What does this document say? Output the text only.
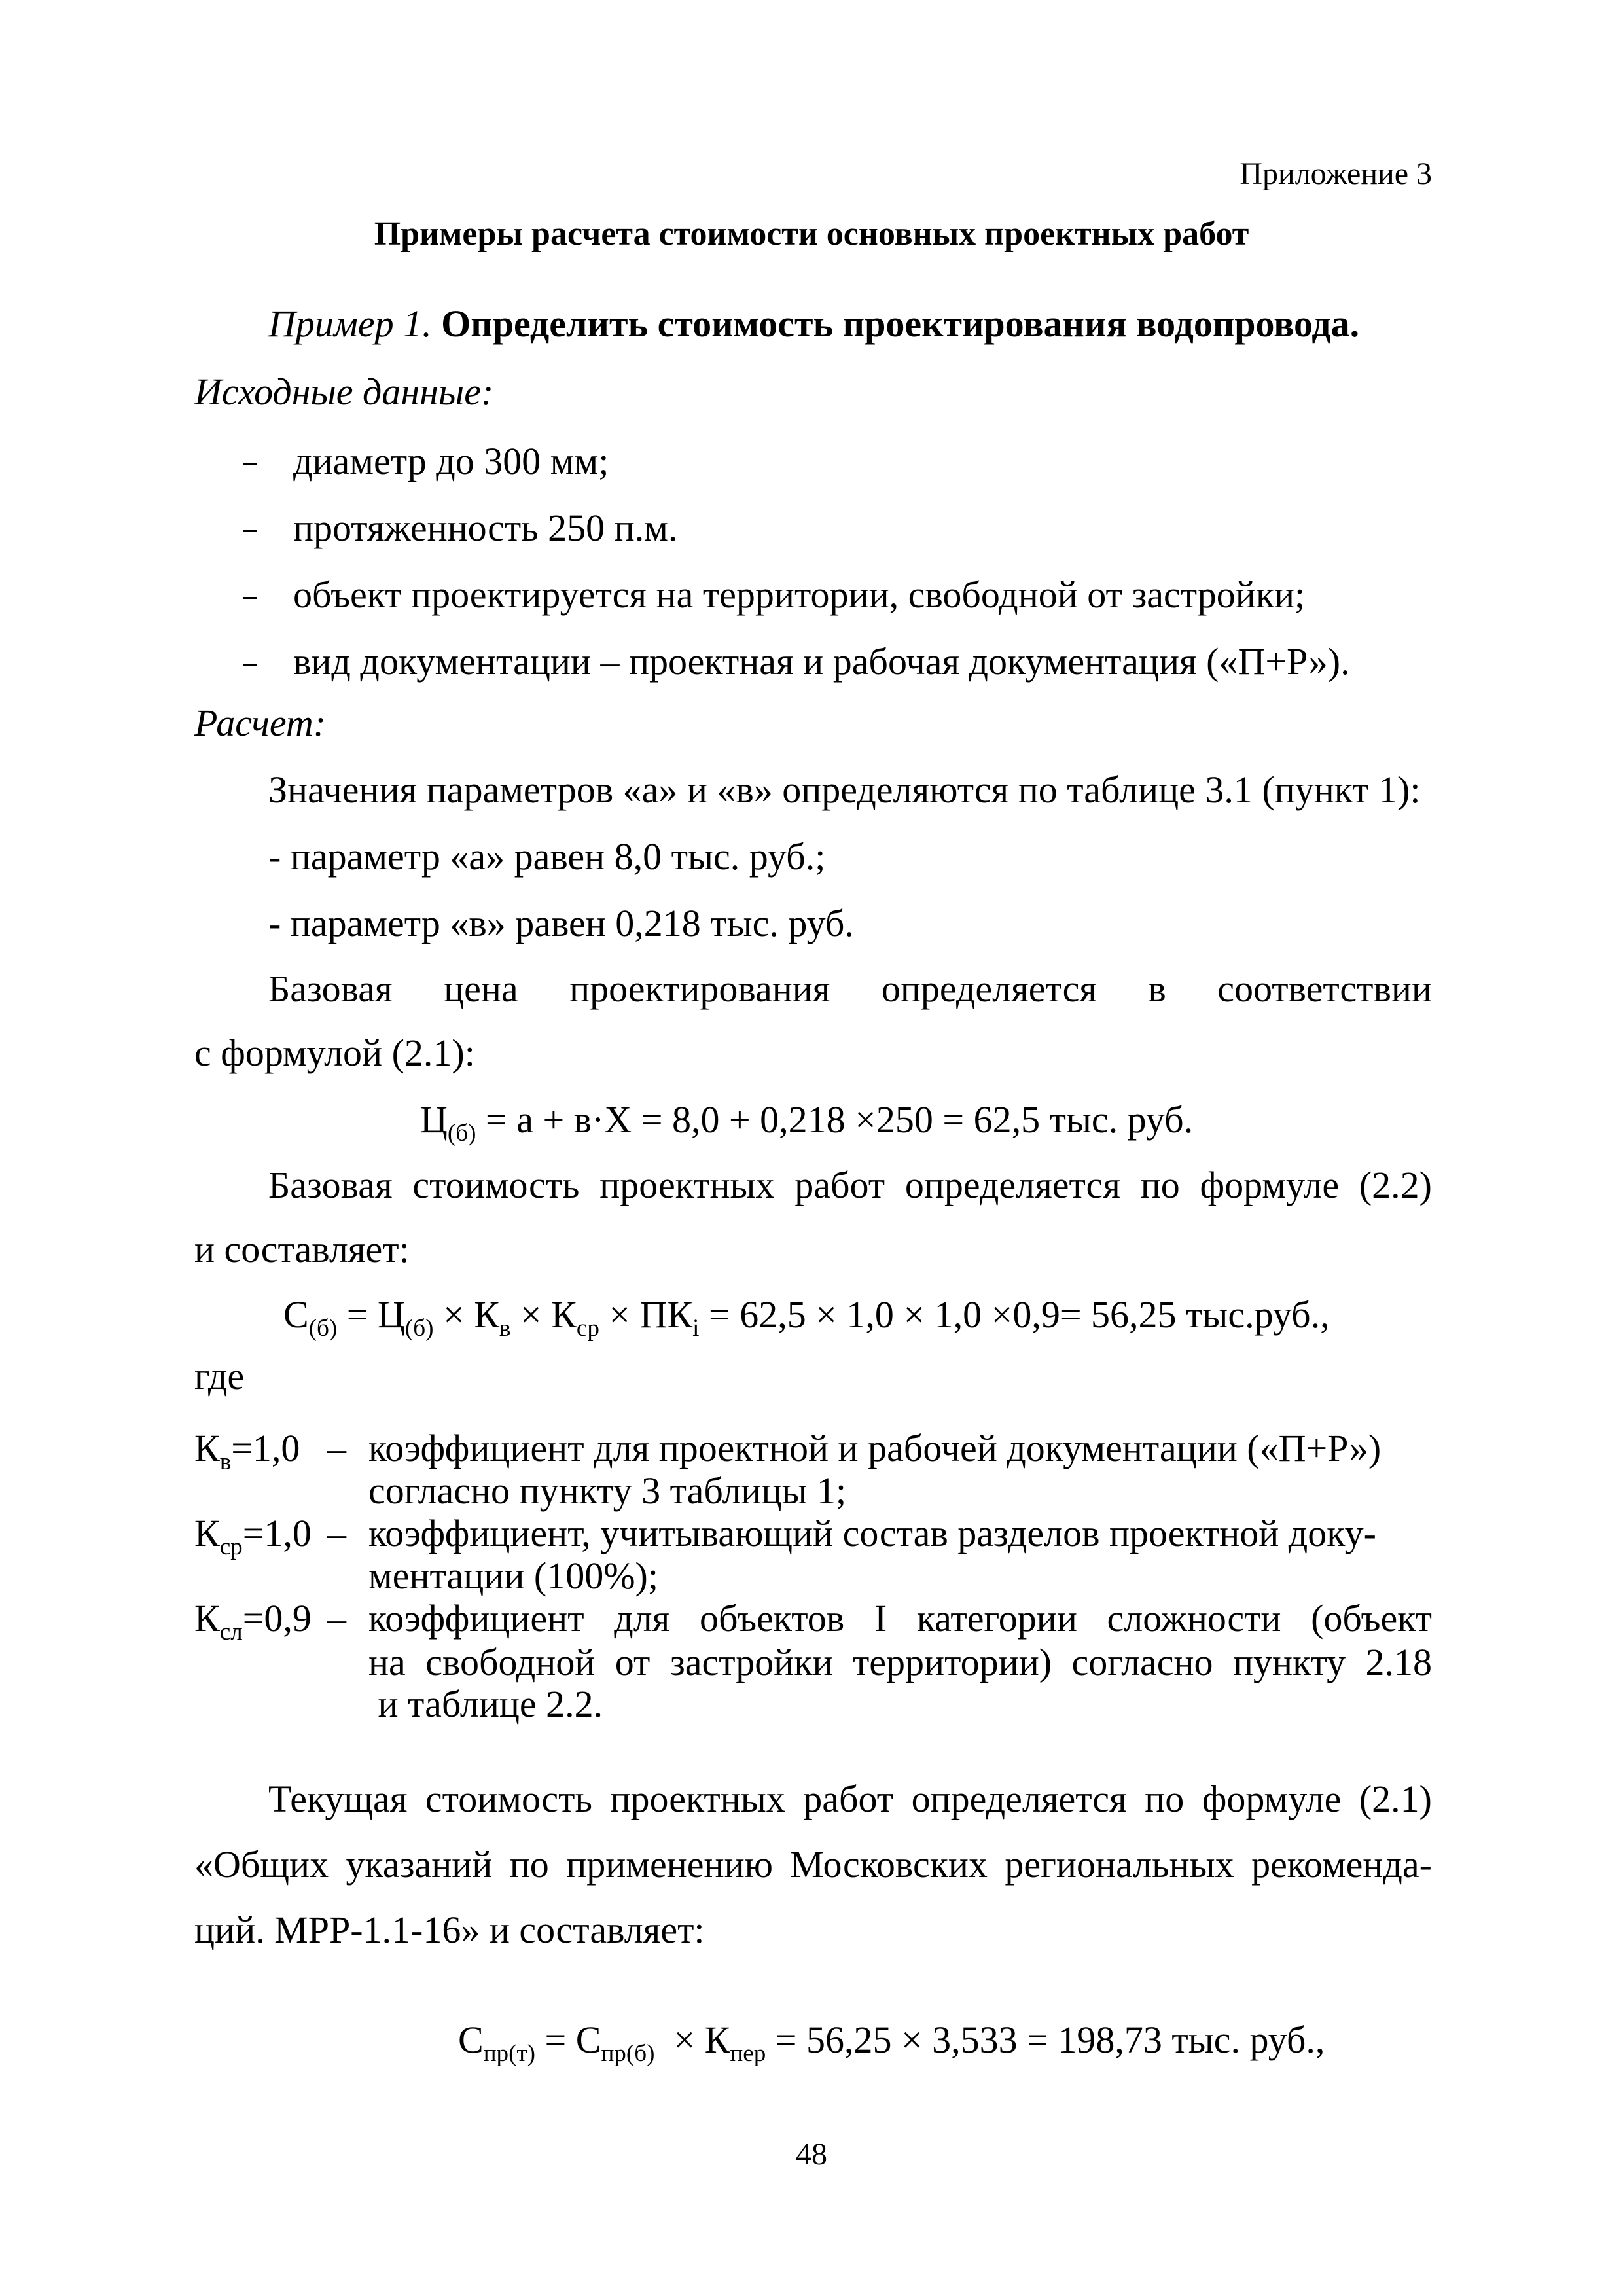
Приложение 3
Примеры расчета стоимости основных проектных работ
Пример 1. Определить стоимость проектирования водопровода.
Исходные данные:
диаметр до 300 мм;
протяженность 250 п.м.
объект проектируется на территории, свободной от застройки;
вид документации – проектная и рабочая документация («П+Р»).
Расчет:
Значения параметров «а» и «в» определяются по таблице 3.1 (пункт 1):
- параметр «а» равен 8,0 тыс. руб.;
- параметр «в» равен 0,218 тыс. руб.
Базовая цена проектирования определяется в соответствии
с формулой (2.1):
$Ц_{(б)} = а + в\cdot Х = 8,0 + 0,218 \times 250 = 62,5$ тыс. руб.
Базовая стоимость проектных работ определяется по формуле (2.2)
и составляет:
$С_{(б)} = Ц_{(б)} \times К_в \times К_{ср} \times ПК_i = 62,5 \times 1,0 \times 1,0 \times 0,9= 56,25$ тыс.руб.,
где
$К_в=1,0$ – коэффициент для проектной и рабочей документации («П+Р»)
согласно пункту 3 таблицы 1;
$К_{ср}=1,0$ – коэффициент, учитывающий состав разделов проектной доку-
ментации (100%);
$К_{сл}=0,9$ – коэффициент для объектов I категории сложности (объект
на свободной от застройки территории) согласно пункту 2.18
и таблице 2.2.
Текущая стоимость проектных работ определяется по формуле (2.1)
«Общих указаний по применению Московских региональных рекоменда-
ций. МРР-1.1-16» и составляет:

$С_{пр(т)} = С_{пр(б)} \times К_{пер} = 56,25 \times 3,533 = 198,73$ тыс. руб.,

48
